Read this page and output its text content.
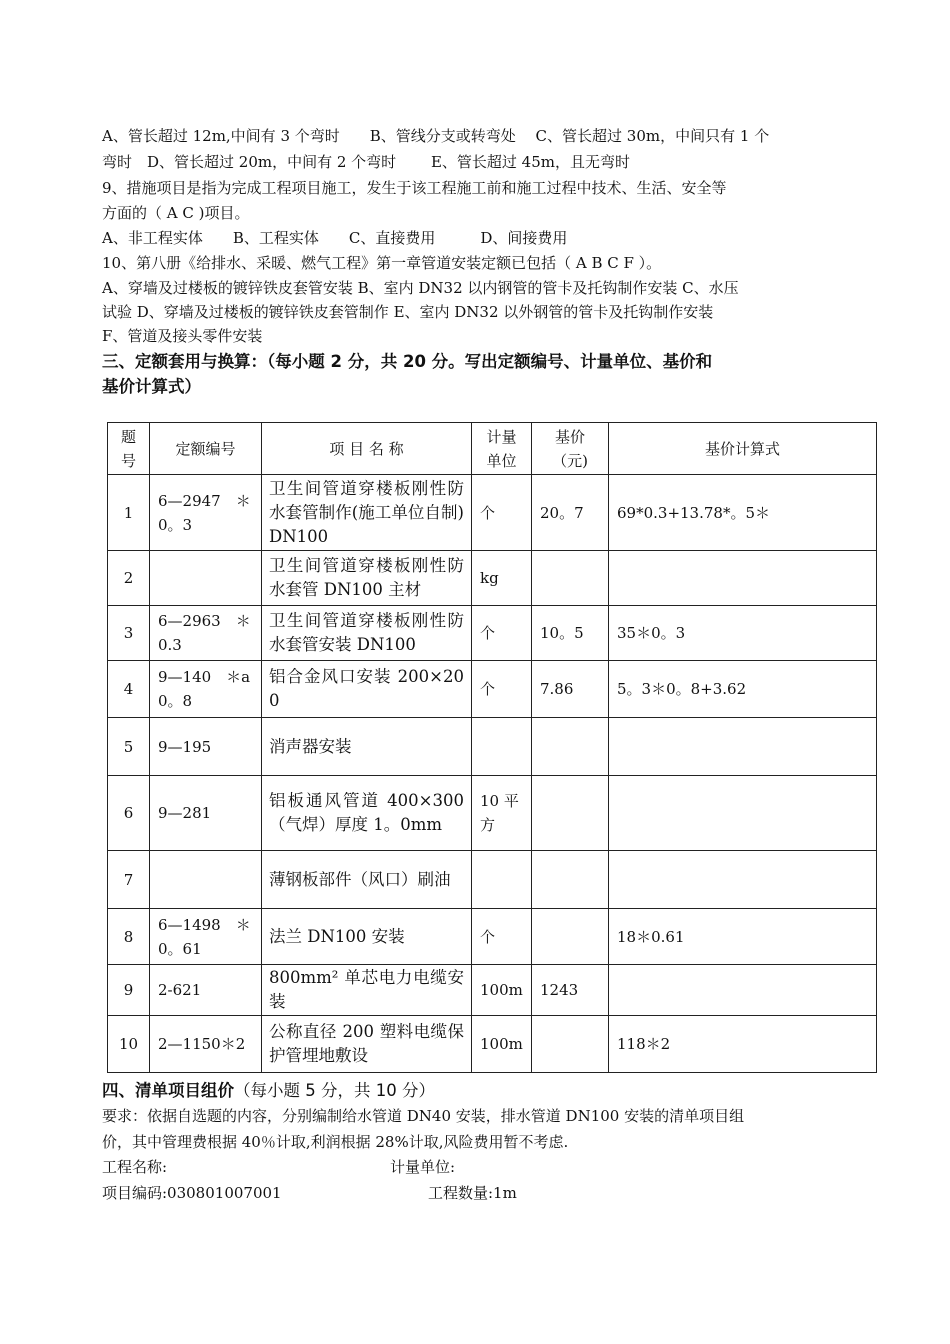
A、管长超过 12m,中间有 3 个弯时　　B、管线分支或转弯处　 C、管长超过 30m，中间只有 1 个
弯时　D、管长超过 20m，中间有 2 个弯时　　 E、管长超过 45m，且无弯时
9、措施项目是指为完成工程项目施工，发生于该工程施工前和施工过程中技术、生活、安全等
方面的（ A C )项目。
A、非工程实体　　B、工程实体　　C、直接费用　　　D、间接费用
10、第八册《给排水、采暖、燃气工程》第一章管道安装定额已包括（ A B C F ）。
A、穿墙及过楼板的镀锌铁皮套管安装 B、室内 DN32 以内钢管的管卡及托钩制作安装 C、水压
试验 D、穿墙及过楼板的镀锌铁皮套管制作 E、室内 DN32 以外钢管的管卡及托钩制作安装
F、管道及接头零件安装
三、定额套用与换算：（每小题 2 分，共 20 分。写出定额编号、计量单位、基价和
基价计算式）
题号	定额编号	项 目 名 称	计量单位	基价（元)	基价计算式
1	6—2947　＊0。3	卫生间管道穿楼板刚性防水套管制作(施工单位自制)DN100	个	20。7	69*0.3+13.78*。5＊
2		卫生间管道穿楼板刚性防水套管 DN100 主材	kg		
3	6—2963　＊0.3	卫生间管道穿楼板刚性防水套管安装 DN100	个	10。5	35＊0。3
4	9—140　＊a0。8	铝合金风口安装 200×200	个	7.86	5。3＊0。8+3.62
5	9—195	消声器安装			
6	9—281	铝板通风管道 400×300（气焊）厚度 1。0mm	10 平方		
7		薄钢板部件（风口）刷油			
8	6—1498　＊0。61	法兰 DN100 安装	个		18＊0.61
9	2-621	800mm² 单芯电力电缆安装	100m	1243	
10	2—1150＊2	公称直径 200 塑料电缆保护管埋地敷设	100m		118＊2
四、清单项目组价（每小题 5 分，共 10 分）
要求：依据自选题的内容，分别编制给水管道 DN40 安装，排水管道 DN100 安装的清单项目组
价，其中管理费根据 40％计取,利润根据 28%计取,风险费用暂不考虑.
工程名称:	计量单位:
项目编码:030801007001	工程数量:1m
